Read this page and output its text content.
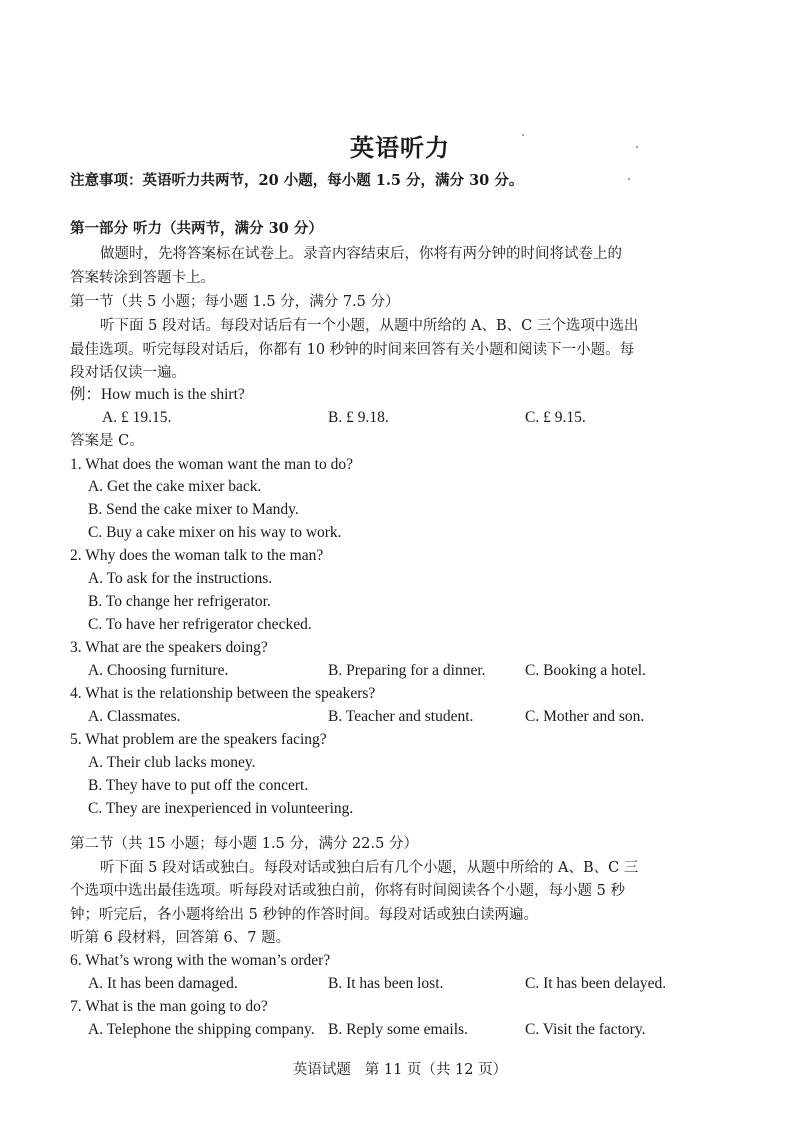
英语听力
注意事项：英语听力共两节，20 小题，每小题 1.5 分，满分 30 分。
第一部分 听力（共两节，满分 30 分）
做题时，先将答案标在试卷上。录音内容结束后，你将有两分钟的时间将试卷上的
答案转涂到答题卡上。
第一节（共 5 小题；每小题 1.5 分，满分 7.5 分）
听下面 5 段对话。每段对话后有一个小题，从题中所给的 A、B、C 三个选项中选出
最佳选项。听完每段对话后，你都有 10 秒钟的时间来回答有关小题和阅读下一小题。每
段对话仅读一遍。
例：How much is the shirt?
A. £ 19.15.	B. £ 9.18.	C. £ 9.15.
答案是 C。
1. What does the woman want the man to do?
A. Get the cake mixer back.
B. Send the cake mixer to Mandy.
C. Buy a cake mixer on his way to work.
2. Why does the woman talk to the man?
A. To ask for the instructions.
B. To change her refrigerator.
C. To have her refrigerator checked.
3. What are the speakers doing?
A. Choosing furniture.	B. Preparing for a dinner.	C. Booking a hotel.
4. What is the relationship between the speakers?
A. Classmates.	B. Teacher and student.	C. Mother and son.
5. What problem are the speakers facing?
A. Their club lacks money.
B. They have to put off the concert.
C. They are inexperienced in volunteering.
第二节（共 15 小题；每小题 1.5 分，满分 22.5 分）
听下面 5 段对话或独白。每段对话或独白后有几个小题，从题中所给的 A、B、C 三
个选项中选出最佳选项。听每段对话或独白前，你将有时间阅读各个小题，每小题 5 秒
钟；听完后，各小题将给出 5 秒钟的作答时间。每段对话或独白读两遍。
听第 6 段材料，回答第 6、7 题。
6. What’s wrong with the woman’s order?
A. It has been damaged.	B. It has been lost.	C. It has been delayed.
7. What is the man going to do?
A. Telephone the shipping company. B. Reply some emails.	C. Visit the factory.
英语试题   第 11 页（共 12 页）
